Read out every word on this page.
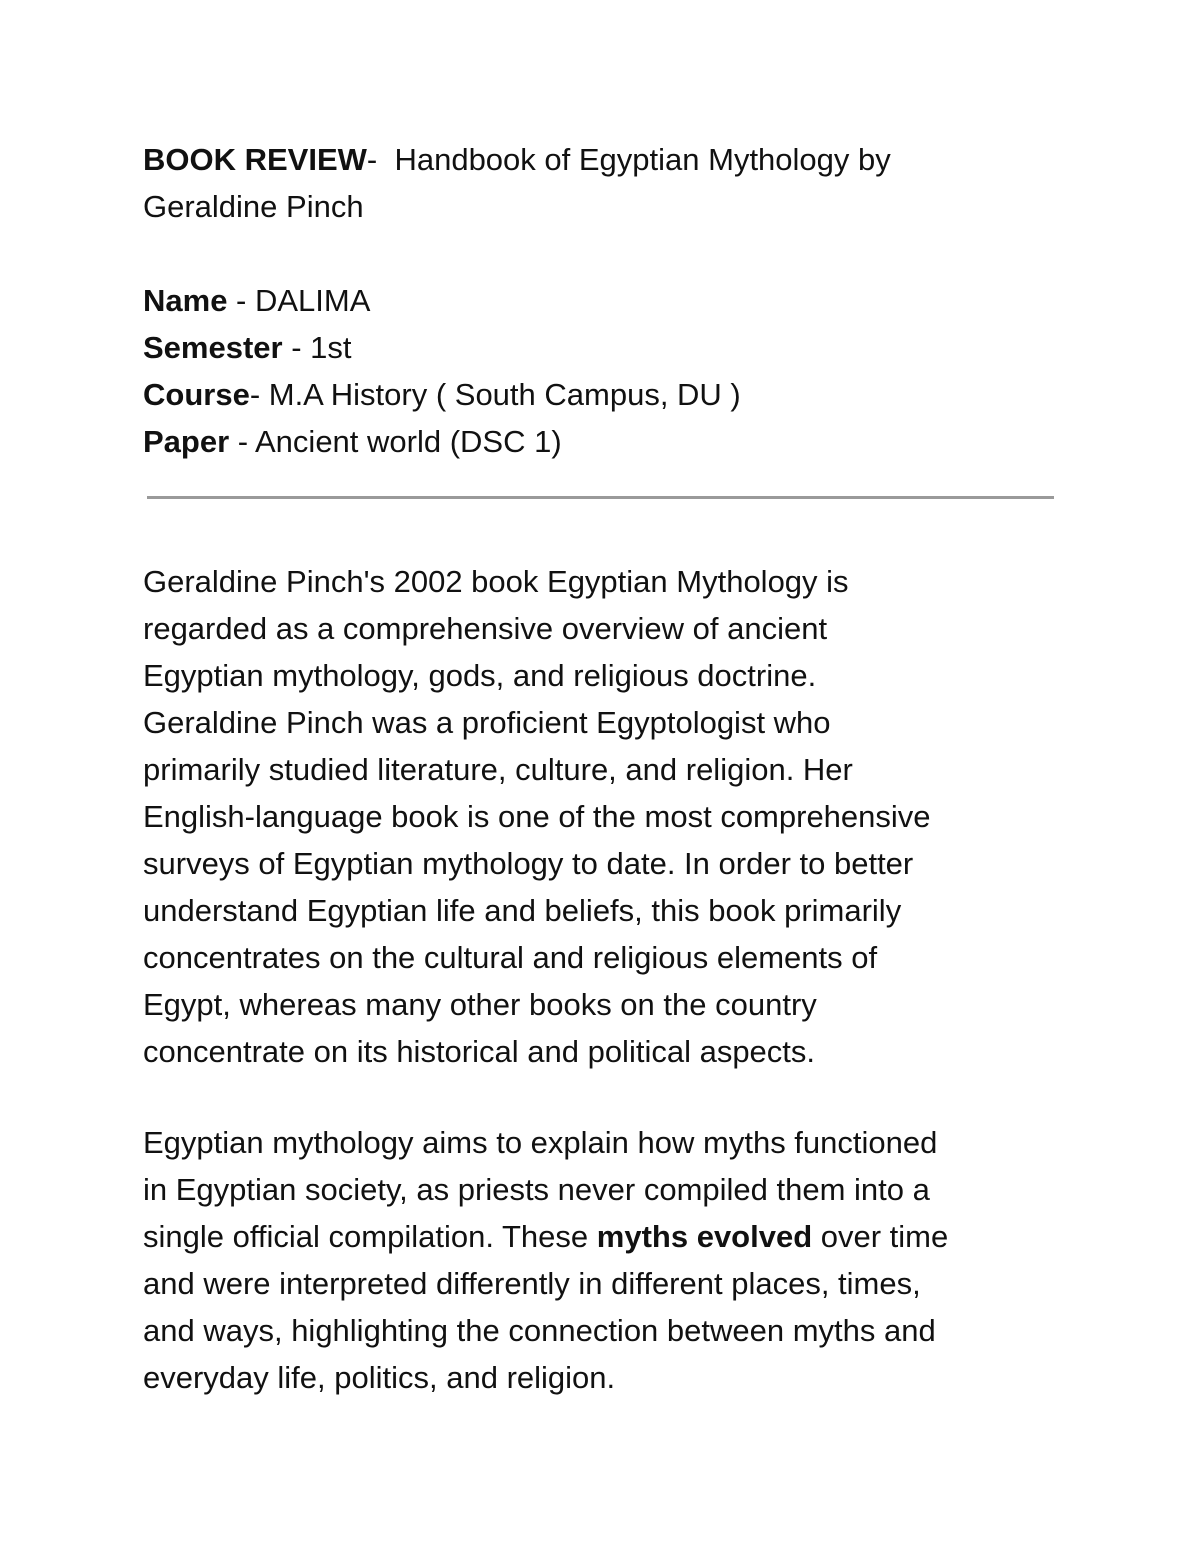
BOOK REVIEW-  Handbook of Egyptian Mythology by
Geraldine Pinch
Name - DALIMA
Semester - 1st
Course- M.A History ( South Campus, DU )
Paper - Ancient world (DSC 1)

Geraldine Pinch's 2002 book Egyptian Mythology is
regarded as a comprehensive overview of ancient
Egyptian mythology, gods, and religious doctrine.
Geraldine Pinch was a proficient Egyptologist who
primarily studied literature, culture, and religion. Her
English-language book is one of the most comprehensive
surveys of Egyptian mythology to date. In order to better
understand Egyptian life and beliefs, this book primarily
concentrates on the cultural and religious elements of
Egypt, whereas many other books on the country
concentrate on its historical and political aspects.

Egyptian mythology aims to explain how myths functioned
in Egyptian society, as priests never compiled them into a
single official compilation. These myths evolved over time
and were interpreted differently in different places, times,
and ways, highlighting the connection between myths and
everyday life, politics, and religion.
